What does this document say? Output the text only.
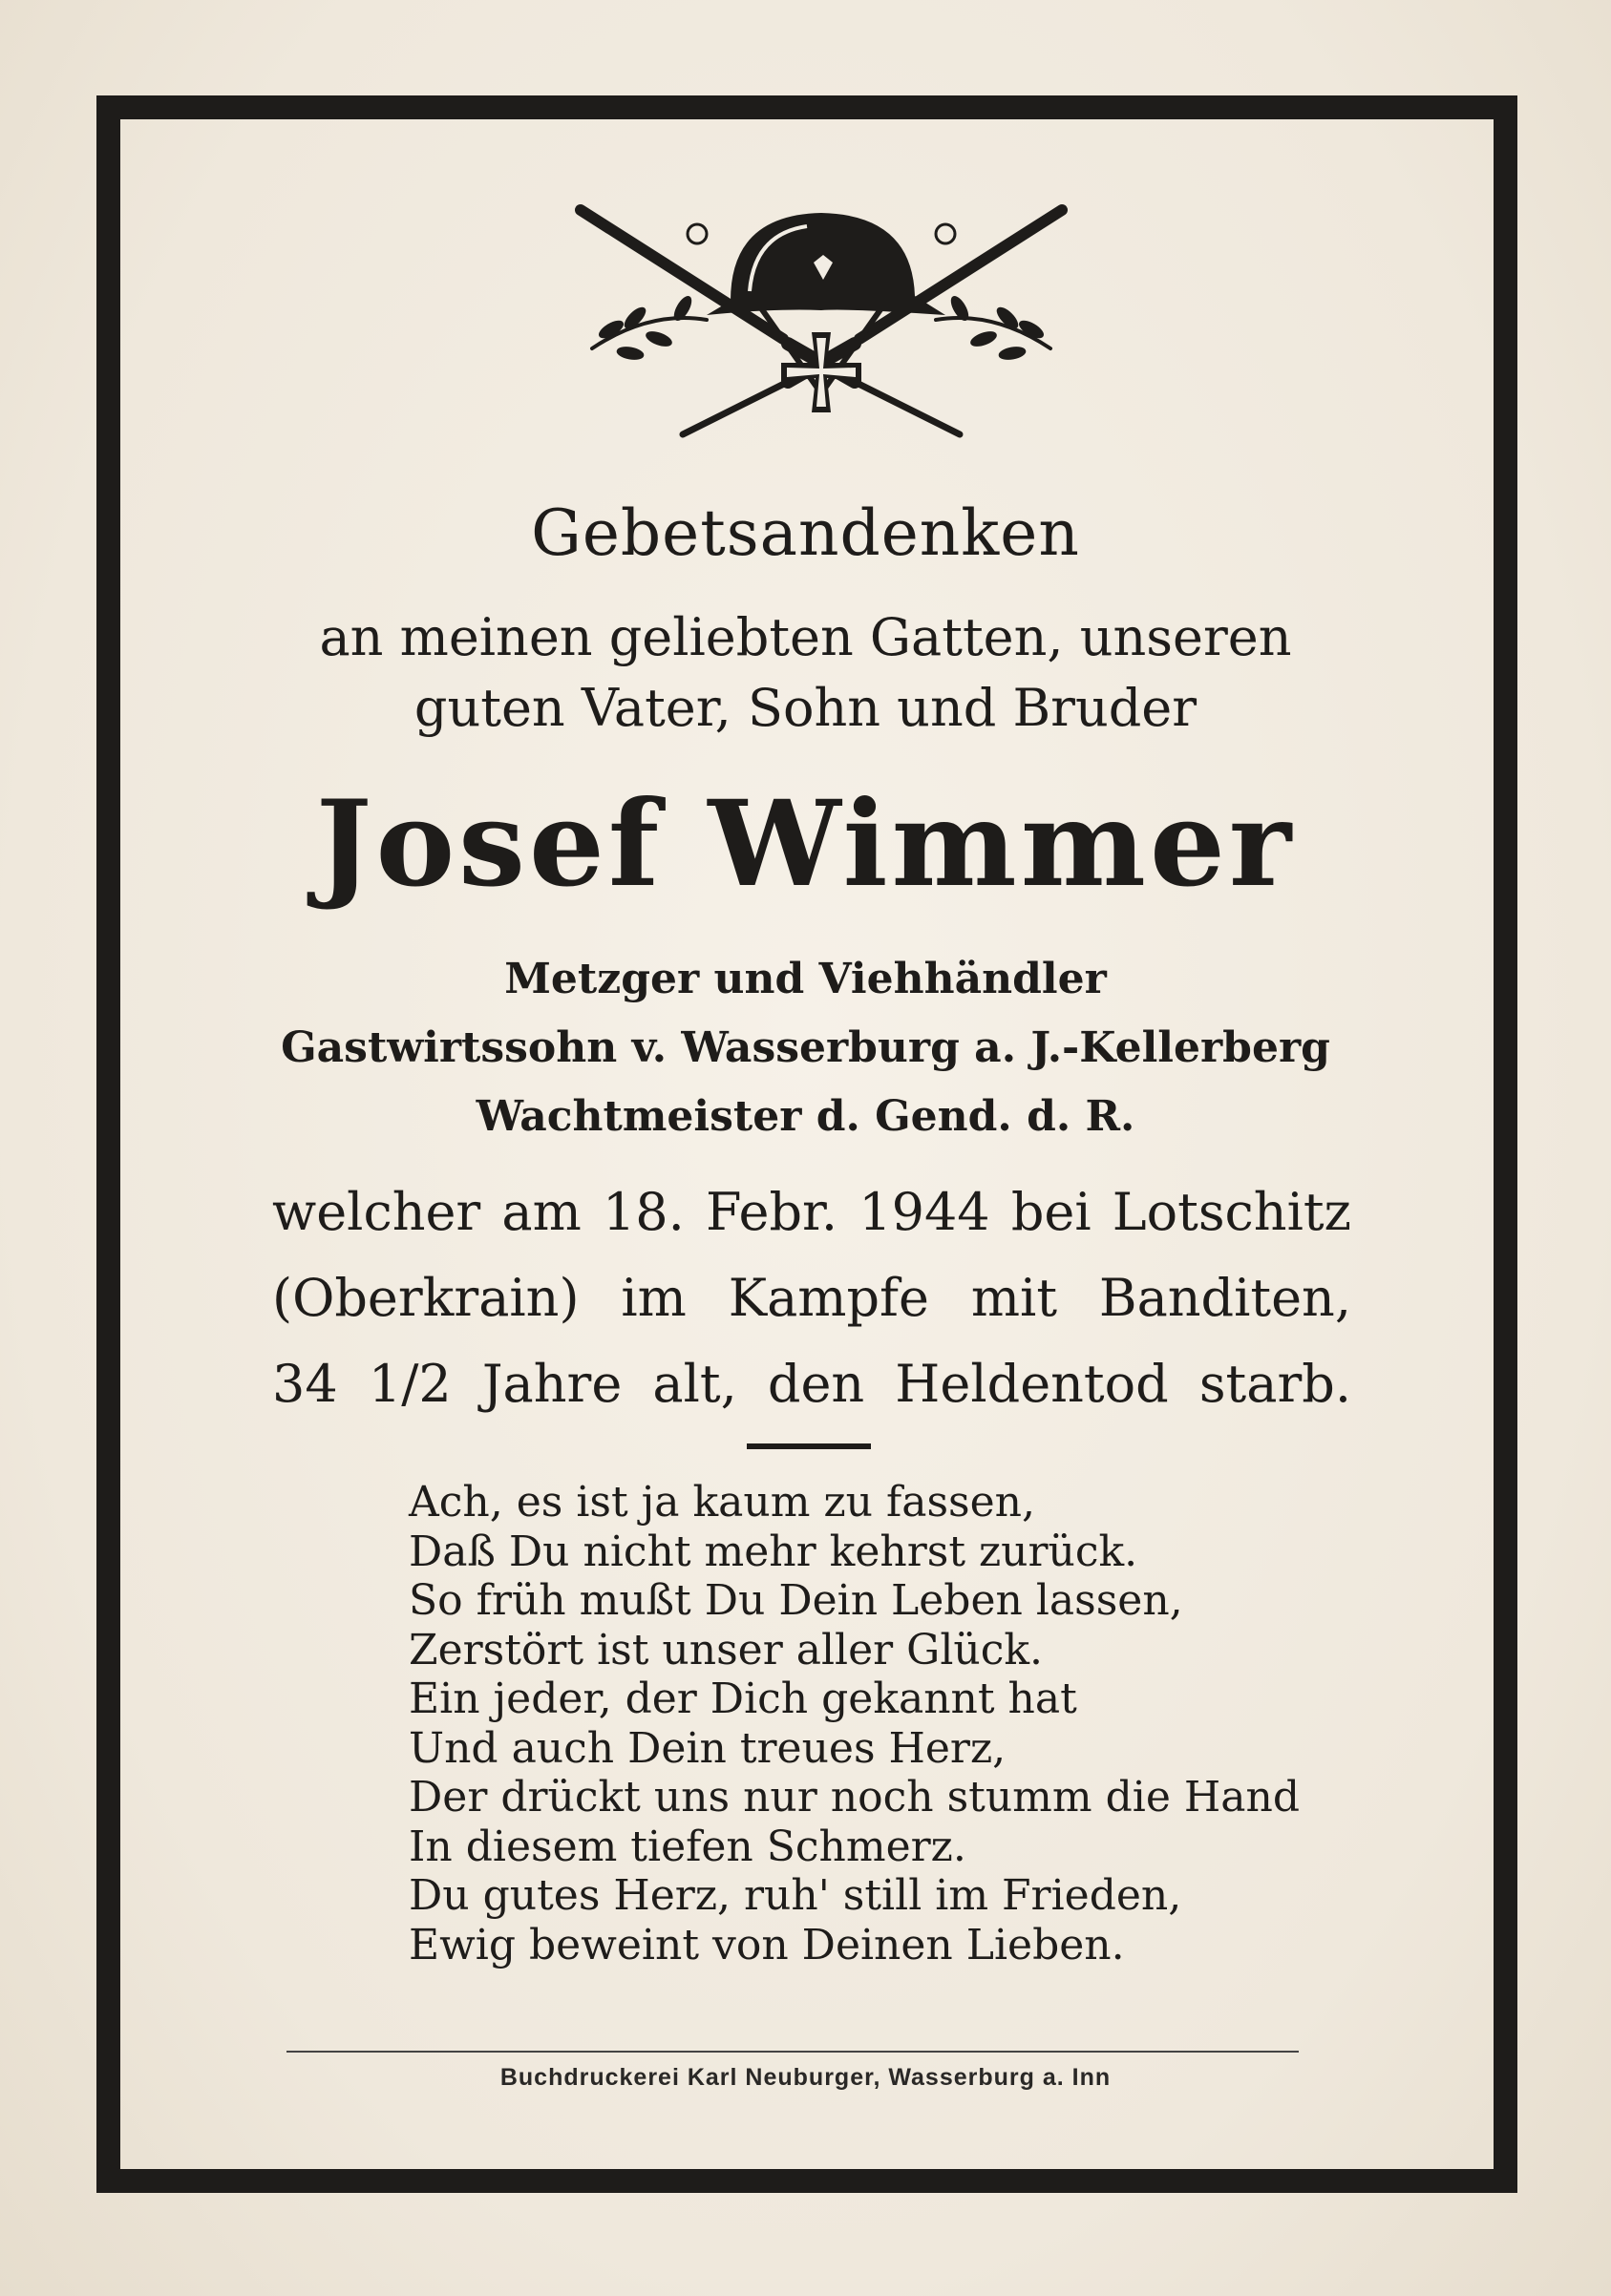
Gebetsandenken
an meinen geliebten Gatten, unseren
guten Vater, Sohn und Bruder
Josef Wimmer
Metzger und Viehhändler
Gastwirtssohn v. Wasserburg a. J.-Kellerberg
Wachtmeister d. Gend. d. R.
welcher am 18. Febr. 1944 bei Lotschitz
(Oberkrain) im Kampfe mit Banditen,
34 1/2 Jahre alt, den Heldentod starb.
Ach, es ist ja kaum zu fassen,
Daß Du nicht mehr kehrst zurück.
So früh mußt Du Dein Leben lassen,
Zerstört ist unser aller Glück.
Ein jeder, der Dich gekannt hat
Und auch Dein treues Herz,
Der drückt uns nur noch stumm die Hand
In diesem tiefen Schmerz.
Du gutes Herz, ruh' still im Frieden,
Ewig beweint von Deinen Lieben.
Buchdruckerei Karl Neuburger, Wasserburg a. Inn
